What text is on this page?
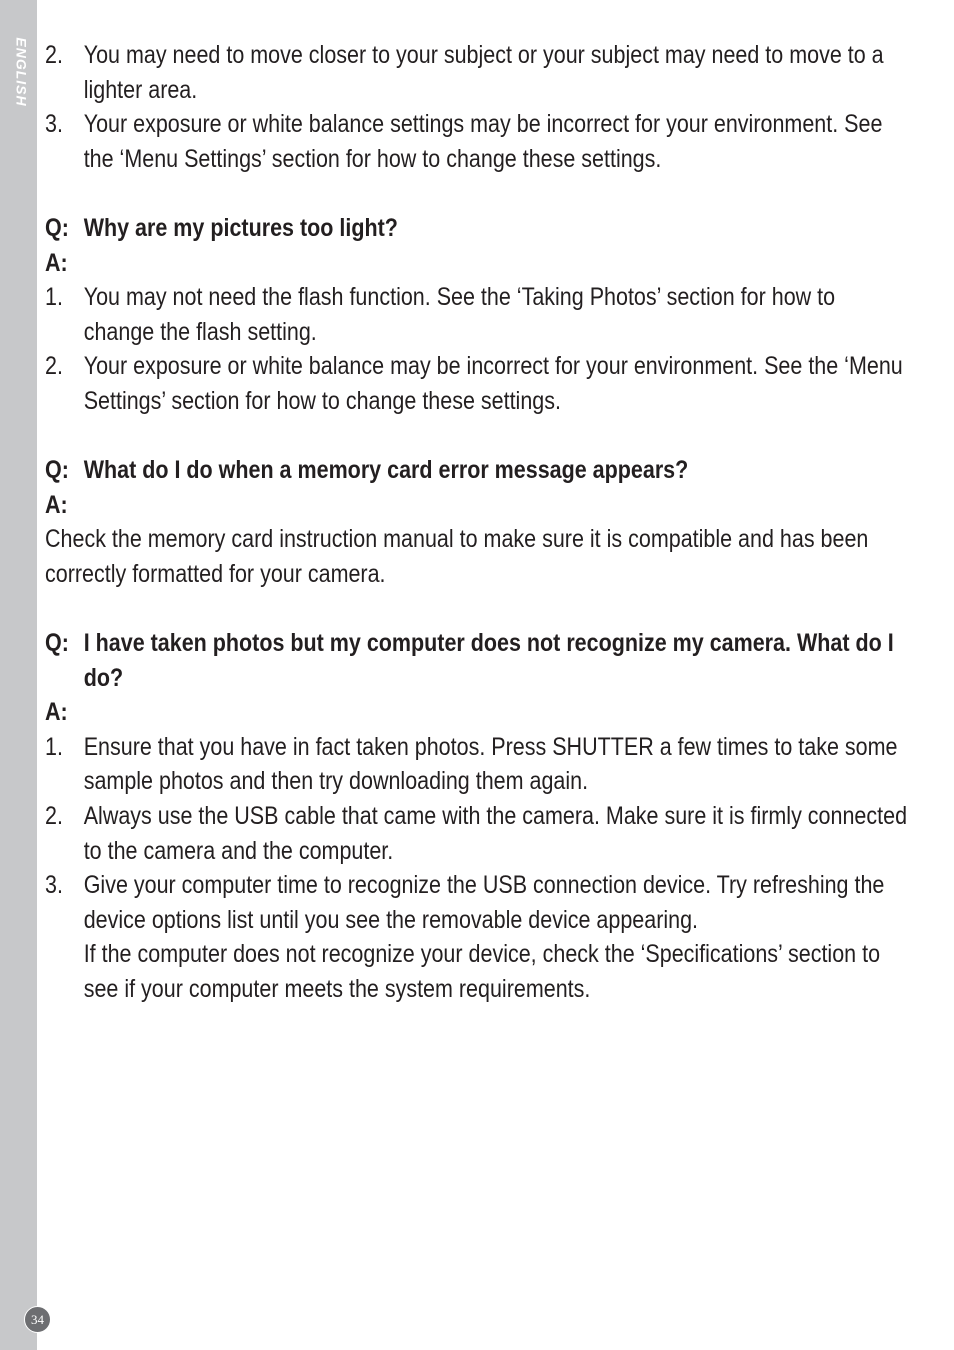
ENGLISH
34
2. You may need to move closer to your subject or your subject may need to move to a lighter area.
3. Your exposure or white balance settings may be incorrect for your environment. See the ‘Menu Settings’ section for how to change these settings.
Q: Why are my pictures too light?
A:
1. You may not need the flash function. See the ‘Taking Photos’ section for how to change the flash setting.
2. Your exposure or white balance may be incorrect for your environment. See the ‘Menu Settings’ section for how to change these settings.
Q: What do I do when a memory card error message appears?
A:
Check the memory card instruction manual to make sure it is compatible and has been correctly formatted for your camera.
Q: I have taken photos but my computer does not recognize my camera. What do I do?
A:
1. Ensure that you have in fact taken photos. Press SHUTTER a few times to take some sample photos and then try downloading them again.
2. Always use the USB cable that came with the camera. Make sure it is firmly connected to the camera and the computer.
3. Give your computer time to recognize the USB connection device. Try refreshing the device options list until you see the removable device appearing.
If the computer does not recognize your device, check the ‘Specifications’ section to see if your computer meets the system requirements.
